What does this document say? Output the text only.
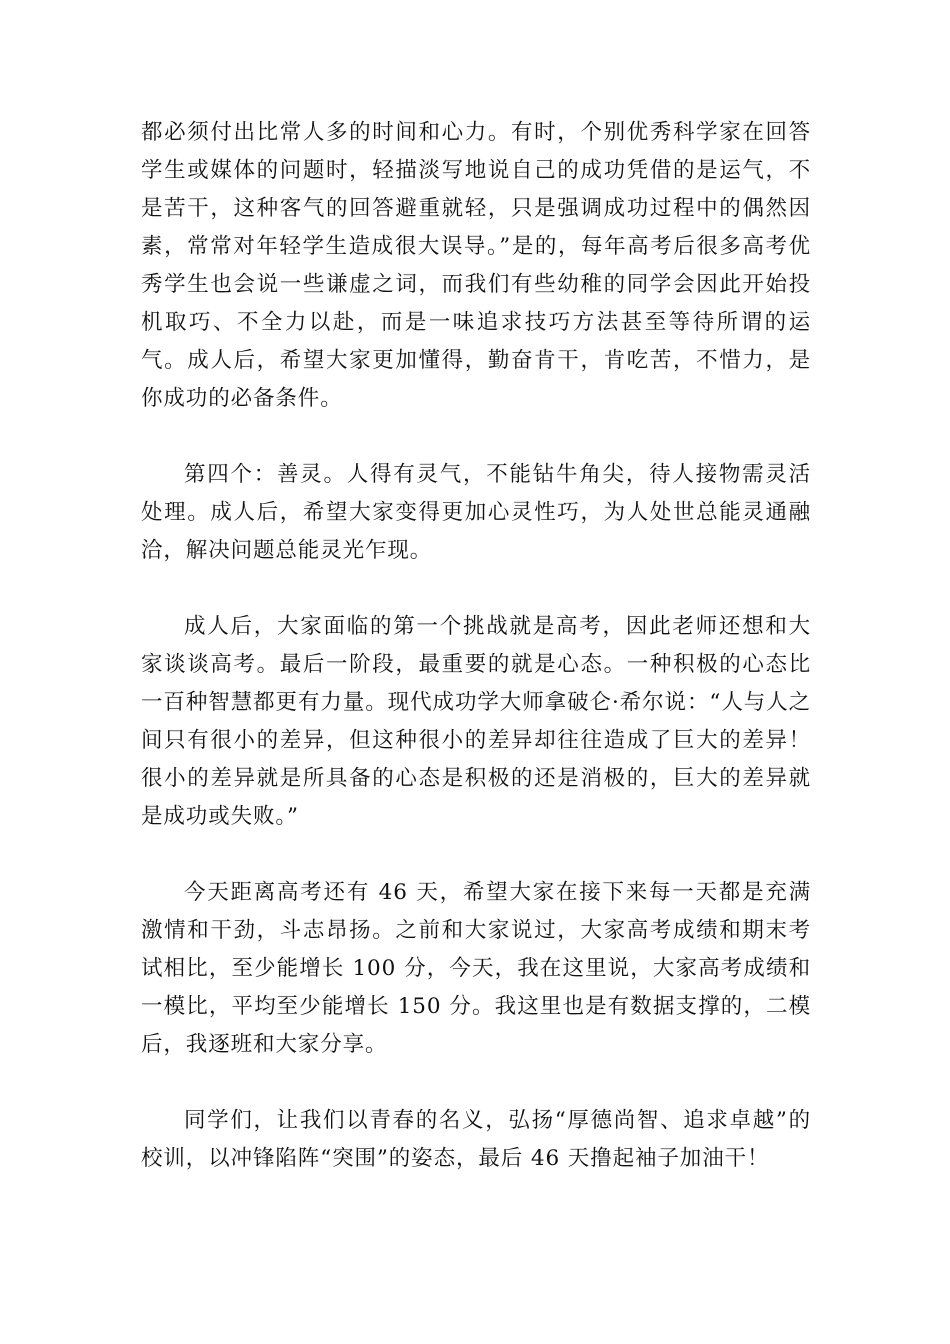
都必须付出比常人多的时间和心力。有时，个别优秀科学家在回答学生或媒体的问题时，轻描淡写地说自己的成功凭借的是运气，不是苦干，这种客气的回答避重就轻，只是强调成功过程中的偶然因素，常常对年轻学生造成很大误导。”是的，每年高考后很多高考优秀学生也会说一些谦虚之词，而我们有些幼稚的同学会因此开始投机取巧、不全力以赴，而是一味追求技巧方法甚至等待所谓的运气。成人后，希望大家更加懂得，勤奋肯干，肯吃苦，不惜力，是你成功的必备条件。

第四个：善灵。人得有灵气，不能钻牛角尖，待人接物需灵活处理。成人后，希望大家变得更加心灵性巧，为人处世总能灵通融洽，解决问题总能灵光乍现。

成人后，大家面临的第一个挑战就是高考，因此老师还想和大家谈谈高考。最后一阶段，最重要的就是心态。一种积极的心态比一百种智慧都更有力量。现代成功学大师拿破仑·希尔说：“人与人之间只有很小的差异，但这种很小的差异却往往造成了巨大的差异！很小的差异就是所具备的心态是积极的还是消极的，巨大的差异就是成功或失败。”

今天距离高考还有 46 天，希望大家在接下来每一天都是充满激情和干劲，斗志昂扬。之前和大家说过，大家高考成绩和期末考试相比，至少能增长 100 分，今天，我在这里说，大家高考成绩和一模比，平均至少能增长 150 分。我这里也是有数据支撑的，二模后，我逐班和大家分享。

同学们，让我们以青春的名义，弘扬“厚德尚智、追求卓越”的校训，以冲锋陷阵“突围”的姿态，最后 46 天撸起袖子加油干！
